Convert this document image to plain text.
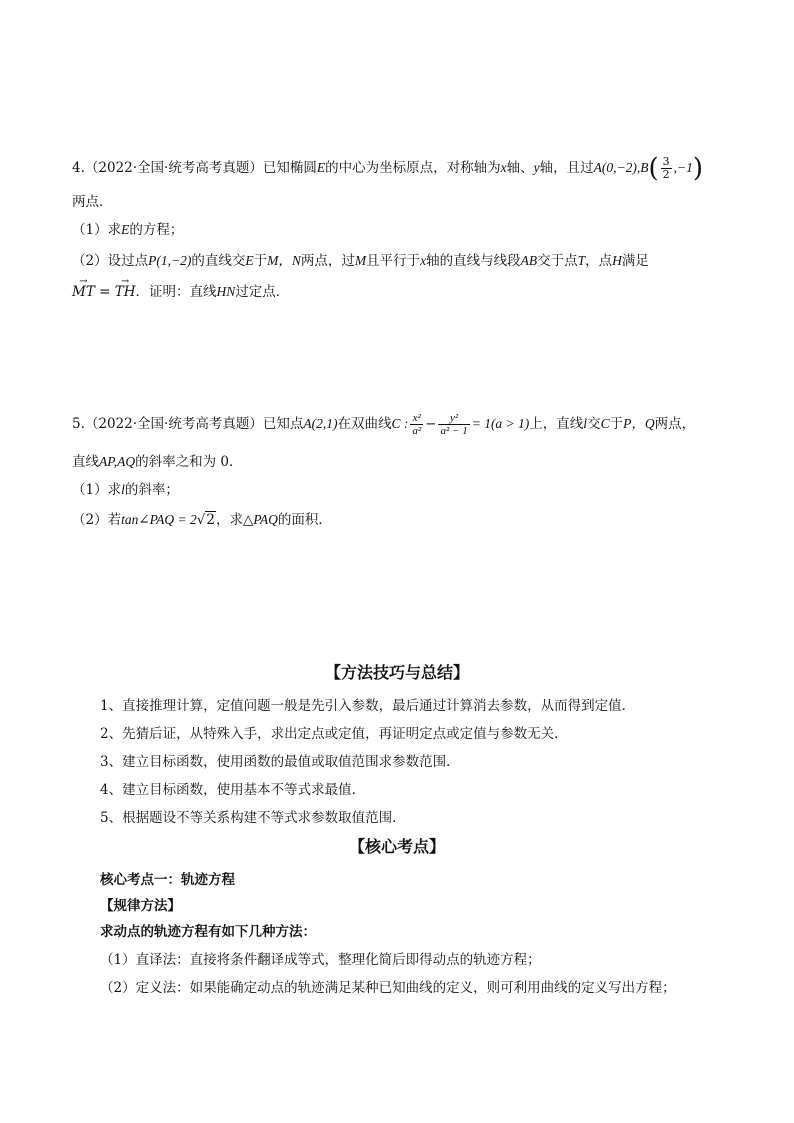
4.（2022·全国·统考高考真题）已知椭圆E的中心为坐标原点，对称轴为x轴、y轴，且过$A(0,-2),B( \frac{3}{2} ,-1)$
两点．
（1）求E的方程；
（2）设过点P(1,−2)的直线交E于M，N两点，过M且平行于x轴的直线与线段AB交于点T，点H满足
→ MT = → TH．证明：直线HN过定点．
5.（2022·全国·统考高考真题）已知点A(2,1)在双曲线C : $\frac{\text{x²}}{\text{a²}} - \frac{\text{y²}}{\text{a² − 1}} = 1(a > 1)$上，直线l交C于P，Q两点，
直线AP,AQ的斜率之和为 0．
（1）求l的斜率；
（2）若tan∠PAQ = 2√2，求△PAQ的面积．
【方法技巧与总结】
1、直接推理计算，定值问题一般是先引入参数，最后通过计算消去参数，从而得到定值．
2、先猜后证，从特殊入手，求出定点或定值，再证明定点或定值与参数无关．
3、建立目标函数，使用函数的最值或取值范围求参数范围．
4、建立目标函数，使用基本不等式求最值．
5、根据题设不等关系构建不等式求参数取值范围．
【核心考点】
核心考点一：轨迹方程
【规律方法】
求动点的轨迹方程有如下几种方法：
（1）直译法：直接将条件翻译成等式，整理化简后即得动点的轨迹方程；
（2）定义法：如果能确定动点的轨迹满足某种已知曲线的定义，则可利用曲线的定义写出方程；
